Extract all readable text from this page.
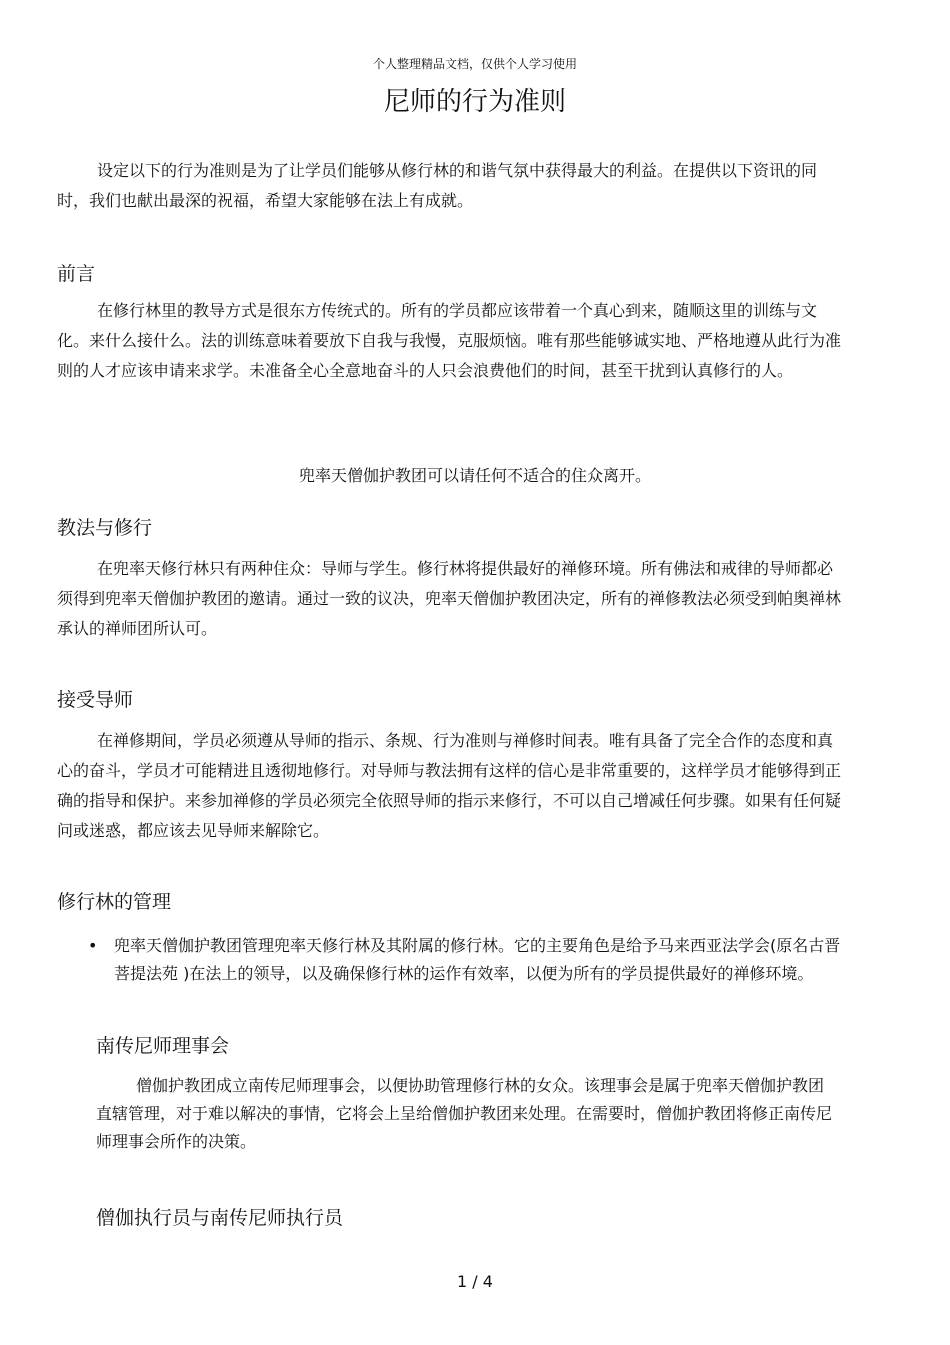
个人整理精品文档，仅供个人学习使用
尼师的行为准则

设定以下的行为准则是为了让学员们能够从修行林的和谐气氛中获得最大的利益。在提供以下资讯的同时，我们也献出最深的祝福，希望大家能够在法上有成就。

前言

在修行林里的教导方式是很东方传统式的。所有的学员都应该带着一个真心到来，随顺这里的训练与文化。来什么接什么。法的训练意味着要放下自我与我慢，克服烦恼。唯有那些能够诚实地、严格地遵从此行为准则的人才应该申请来求学。未准备全心全意地奋斗的人只会浪费他们的时间，甚至干扰到认真修行的人。

兜率天僧伽护教团可以请任何不适合的住众离开。
教法与修行

在兜率天修行林只有两种住众：导师与学生。修行林将提供最好的禅修环境。所有佛法和戒律的导师都必须得到兜率天僧伽护教团的邀请。通过一致的议决，兜率天僧伽护教团决定，所有的禅修教法必须受到帕奥禅林承认的禅师团所认可。

接受导师

在禅修期间，学员必须遵从导师的指示、条规、行为准则与禅修时间表。唯有具备了完全合作的态度和真心的奋斗，学员才可能精进且透彻地修行。对导师与教法拥有这样的信心是非常重要的，这样学员才能够得到正确的指导和保护。来参加禅修的学员必须完全依照导师的指示来修行，不可以自己增减任何步骤。如果有任何疑问或迷惑，都应该去见导师来解除它。

修行林的管理
•	兜率天僧伽护教团管理兜率天修行林及其附属的修行林。它的主要角色是给予马来西亚法学会(原名古晋菩提法苑 )在法上的领导，以及确保修行林的运作有效率，以便为所有的学员提供最好的禅修环境。

南传尼师理事会

僧伽护教团成立南传尼师理事会，以便协助管理修行林的女众。该理事会是属于兜率天僧伽护教团直辖管理，对于难以解决的事情，它将会上呈给僧伽护教团来处理。在需要时，僧伽护教团将修正南传尼师理事会所作的决策。

僧伽执行员与南传尼师执行员
1 / 4
